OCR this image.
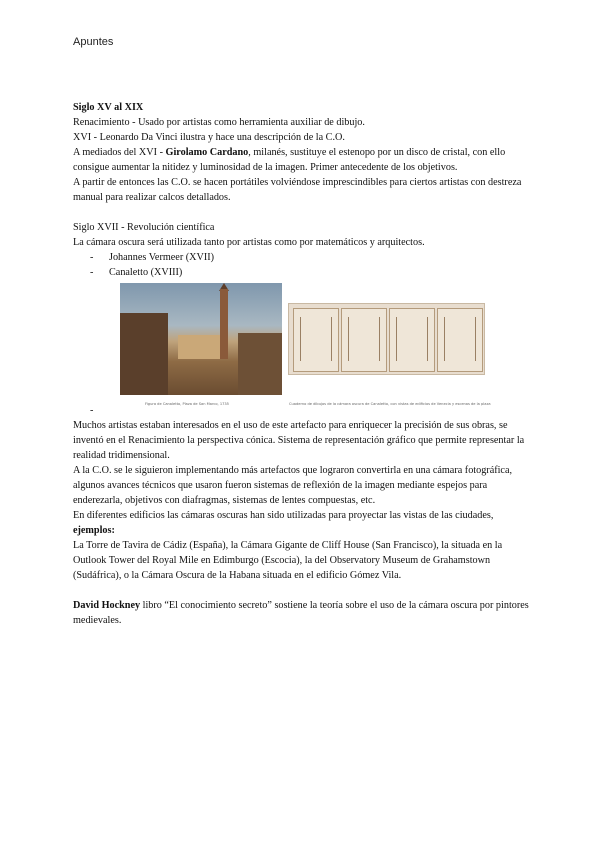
Apuntes

Siglo XV al XIX

Renacimiento - Usado por artistas como herramienta auxiliar de dibujo.

XVI - Leonardo Da Vinci ilustra y hace una descripción de la C.O.

A mediados del XVI - Girolamo Cardano, milanés, sustituye el estenopo por un disco de cristal, con ello consigue aumentar la nitidez y luminosidad de la imagen. Primer antecedente de los objetivos.

A partir de entonces las C.O. se hacen portátiles volviéndose imprescindibles para ciertos artistas con destreza manual para realizar calcos detallados.

Siglo XVII - Revolución científica

La cámara oscura será utilizada tanto por artistas como por matemáticos y arquitectos.

- Johannes Vermeer (XVII)
- Canaletto (XVIII)
Figura de Canaletto, Plaza de San Marco, 1735	Cuaderno de dibujos de la cámara oscura de Canaletto, con vistas de edificios de Venecia y escenas de la plaza

-

Muchos artistas estaban interesados en el uso de este artefacto para enriquecer la precisión de sus obras, se inventó en el Renacimiento la perspectiva cónica. Sistema de representación gráfico que permite representar la realidad tridimensional.

A la C.O. se le siguieron implementando más artefactos que lograron convertirla en una cámara fotográfica, algunos avances técnicos que usaron fueron sistemas de reflexión de la imagen mediante espejos para enderezarla, objetivos con diafragmas, sistemas de lentes compuestas, etc.

En diferentes edificios las cámaras oscuras han sido utilizadas para proyectar las vistas de las ciudades, ejemplos:

La Torre de Tavira de Cádiz (España), la Cámara Gigante de Cliff House (San Francisco), la situada en la Outlook Tower del Royal Mile en Edimburgo (Escocia), la del Observatory Museum de Grahamstown (Sudáfrica), o la Cámara Oscura de la Habana situada en el edificio Gómez Vila.

David Hockney libro “El conocimiento secreto” sostiene la teoría sobre el uso de la cámara oscura por pintores medievales.
